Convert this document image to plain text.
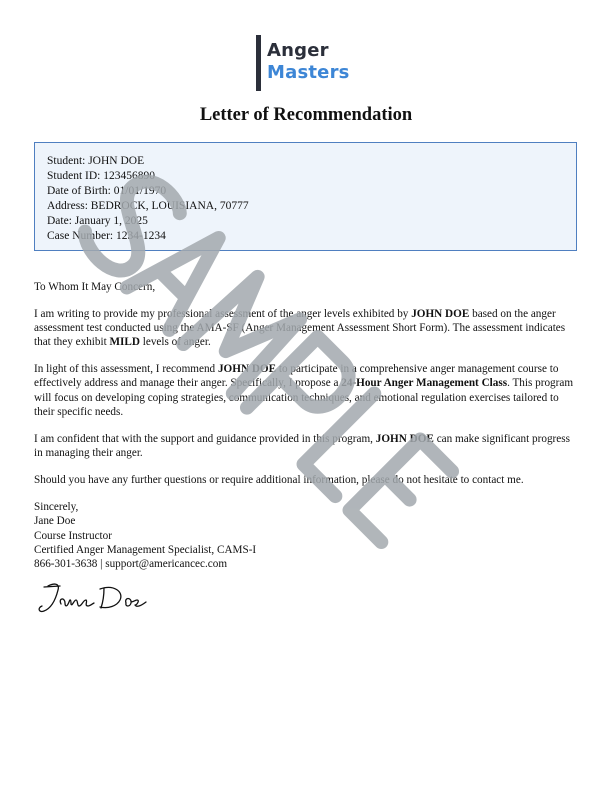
Anger
Masters
Letter of Recommendation
Student: JOHN DOE
Student ID: 123456890
Date of Birth: 01/01/1970
Address: BEDROCK, LOUISIANA, 70777
Date: January 1, 2025
Case Number: 1234-1234

To Whom It May Concern,

I am writing to provide my professional assessment of the anger levels exhibited by JOHN DOE based on the anger assessment test conducted using the AMA-SF (Anger Management Assessment Short Form). The assessment indicates that they exhibit MILD levels of anger.

In light of this assessment, I recommend JOHN DOE to participate in a comprehensive anger management course to effectively address and manage their anger. Specifically, I propose a 24-Hour Anger Management Class. This program will focus on developing coping strategies, communication techniques, and emotional regulation exercises tailored to their specific needs.

I am confident that with the support and guidance provided in this program, JOHN DOE can make significant progress in managing their anger.

Should you have any further questions or require additional information, please do not hesitate to contact me.

Sincerely,
Jane Doe
Course Instructor
Certified Anger Management Specialist, CAMS-I
866-301-3638 | support@americancec.com
